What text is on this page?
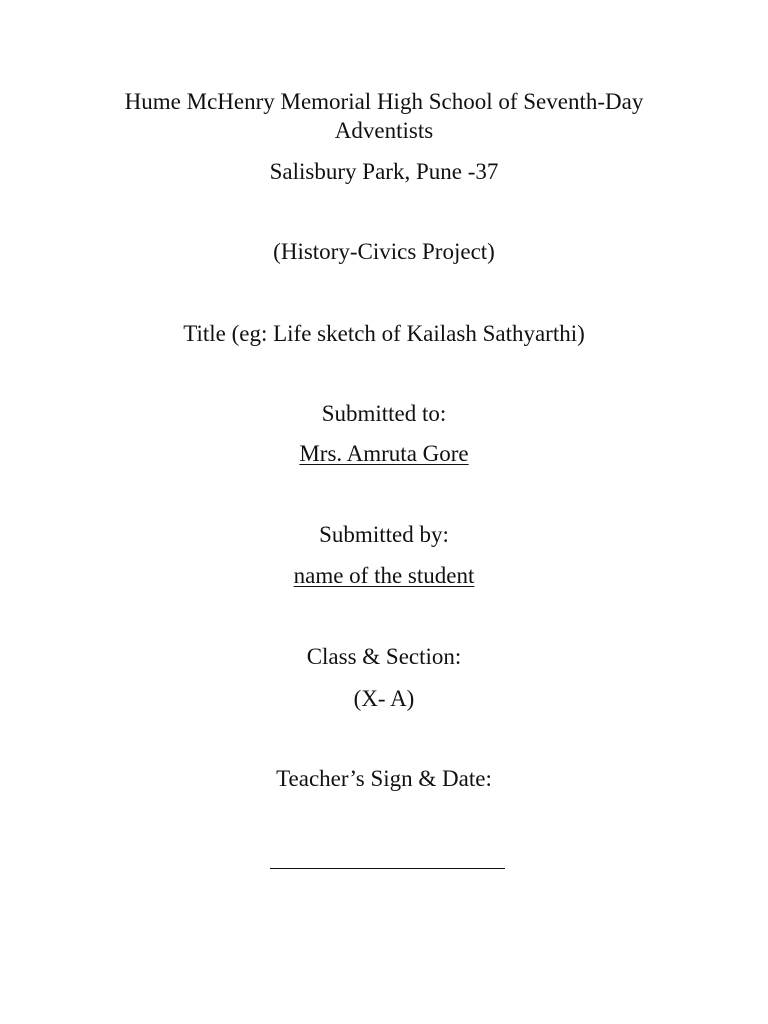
Hume McHenry Memorial High School of Seventh-Day
Adventists
Salisbury Park, Pune -37
(History-Civics Project)
Title (eg: Life sketch of Kailash Sathyarthi)
Submitted to:
Mrs. Amruta Gore
Submitted by:
name of the student
Class & Section:
(X- A)
Teacher’s Sign & Date:
